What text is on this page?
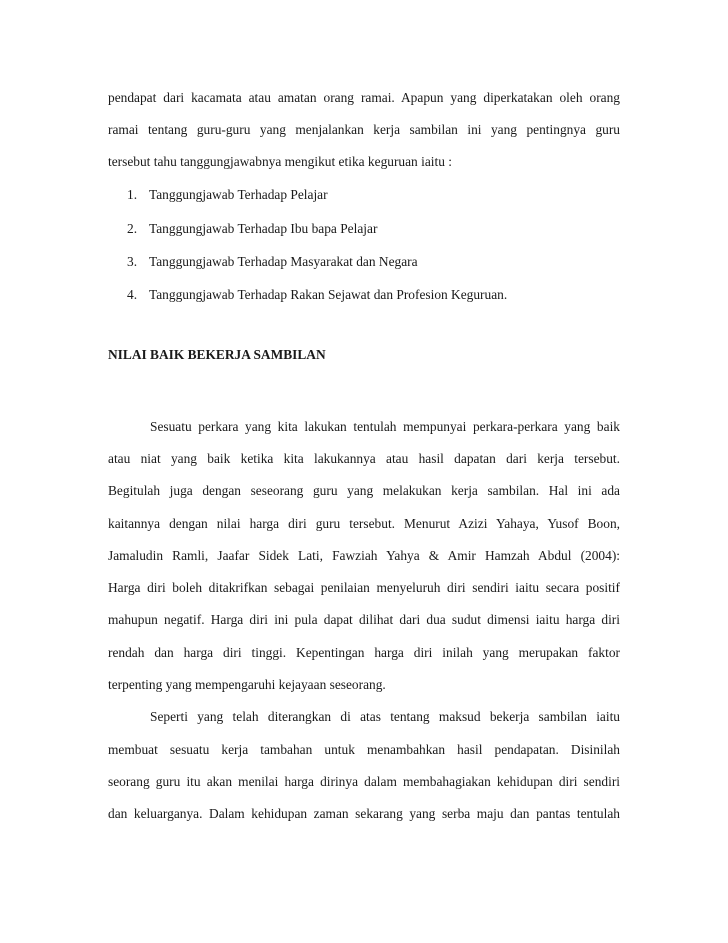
pendapat dari kacamata atau amatan orang ramai. Apapun yang diperkatakan oleh orang
ramai tentang guru-guru yang menjalankan kerja sambilan ini yang pentingnya guru
tersebut tahu tanggungjawabnya mengikut etika keguruan iaitu :
1. Tanggungjawab Terhadap Pelajar
2. Tanggungjawab Terhadap Ibu bapa Pelajar
3. Tanggungjawab Terhadap Masyarakat dan Negara
4. Tanggungjawab Terhadap Rakan Sejawat dan Profesion Keguruan.
NILAI BAIK BEKERJA SAMBILAN
Sesuatu perkara yang kita lakukan tentulah mempunyai perkara-perkara yang baik
atau niat yang baik ketika kita lakukannya atau hasil dapatan dari kerja tersebut.
Begitulah juga dengan seseorang guru yang melakukan kerja sambilan. Hal ini ada
kaitannya dengan nilai harga diri guru tersebut. Menurut Azizi Yahaya, Yusof Boon,
Jamaludin Ramli, Jaafar Sidek Lati, Fawziah Yahya & Amir Hamzah Abdul (2004):
Harga diri boleh ditakrifkan sebagai penilaian menyeluruh diri sendiri iaitu secara positif
mahupun negatif. Harga diri ini pula dapat dilihat dari dua sudut dimensi iaitu harga diri
rendah dan harga diri tinggi. Kepentingan harga diri inilah yang merupakan faktor
terpenting yang mempengaruhi kejayaan seseorang.
Seperti yang telah diterangkan di atas tentang maksud bekerja sambilan iaitu
membuat sesuatu kerja tambahan untuk menambahkan hasil pendapatan. Disinilah
seorang guru itu akan menilai harga dirinya dalam membahagiakan kehidupan diri sendiri
dan keluarganya. Dalam kehidupan zaman sekarang yang serba maju dan pantas tentulah
